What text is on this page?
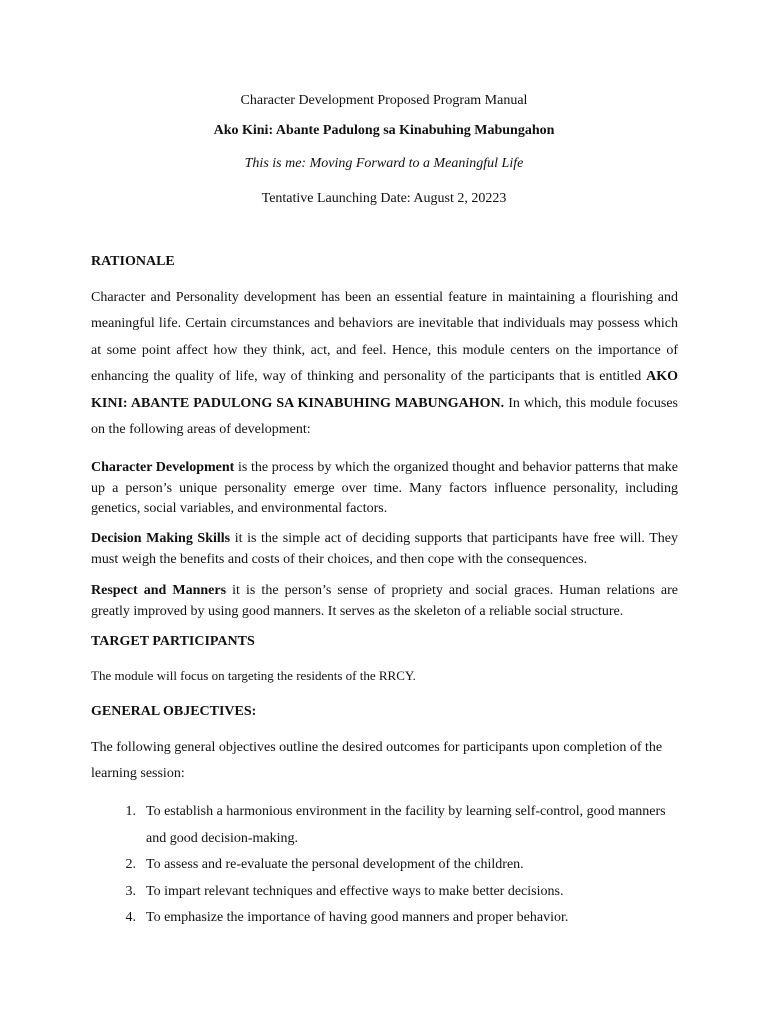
Character Development Proposed Program Manual
Ako Kini: Abante Padulong sa Kinabuhing Mabungahon
This is me: Moving Forward to a Meaningful Life
Tentative Launching Date: August 2, 20223
RATIONALE
Character and Personality development has been an essential feature in maintaining a flourishing and meaningful life. Certain circumstances and behaviors are inevitable that individuals may possess which at some point affect how they think, act, and feel. Hence, this module centers on the importance of enhancing the quality of life, way of thinking and personality of the participants that is entitled AKO KINI: ABANTE PADULONG SA KINABUHING MABUNGAHON. In which, this module focuses on the following areas of development:
Character Development is the process by which the organized thought and behavior patterns that make up a person’s unique personality emerge over time. Many factors influence personality, including genetics, social variables, and environmental factors.
Decision Making Skills it is the simple act of deciding supports that participants have free will. They must weigh the benefits and costs of their choices, and then cope with the consequences.
Respect and Manners it is the person’s sense of propriety and social graces. Human relations are greatly improved by using good manners. It serves as the skeleton of a reliable social structure.
TARGET PARTICIPANTS
The module will focus on targeting the residents of the RRCY.
GENERAL OBJECTIVES:
The following general objectives outline the desired outcomes for participants upon completion of the learning session:
1. To establish a harmonious environment in the facility by learning self-control, good manners and good decision-making.
2. To assess and re-evaluate the personal development of the children.
3. To impart relevant techniques and effective ways to make better decisions.
4. To emphasize the importance of having good manners and proper behavior.
